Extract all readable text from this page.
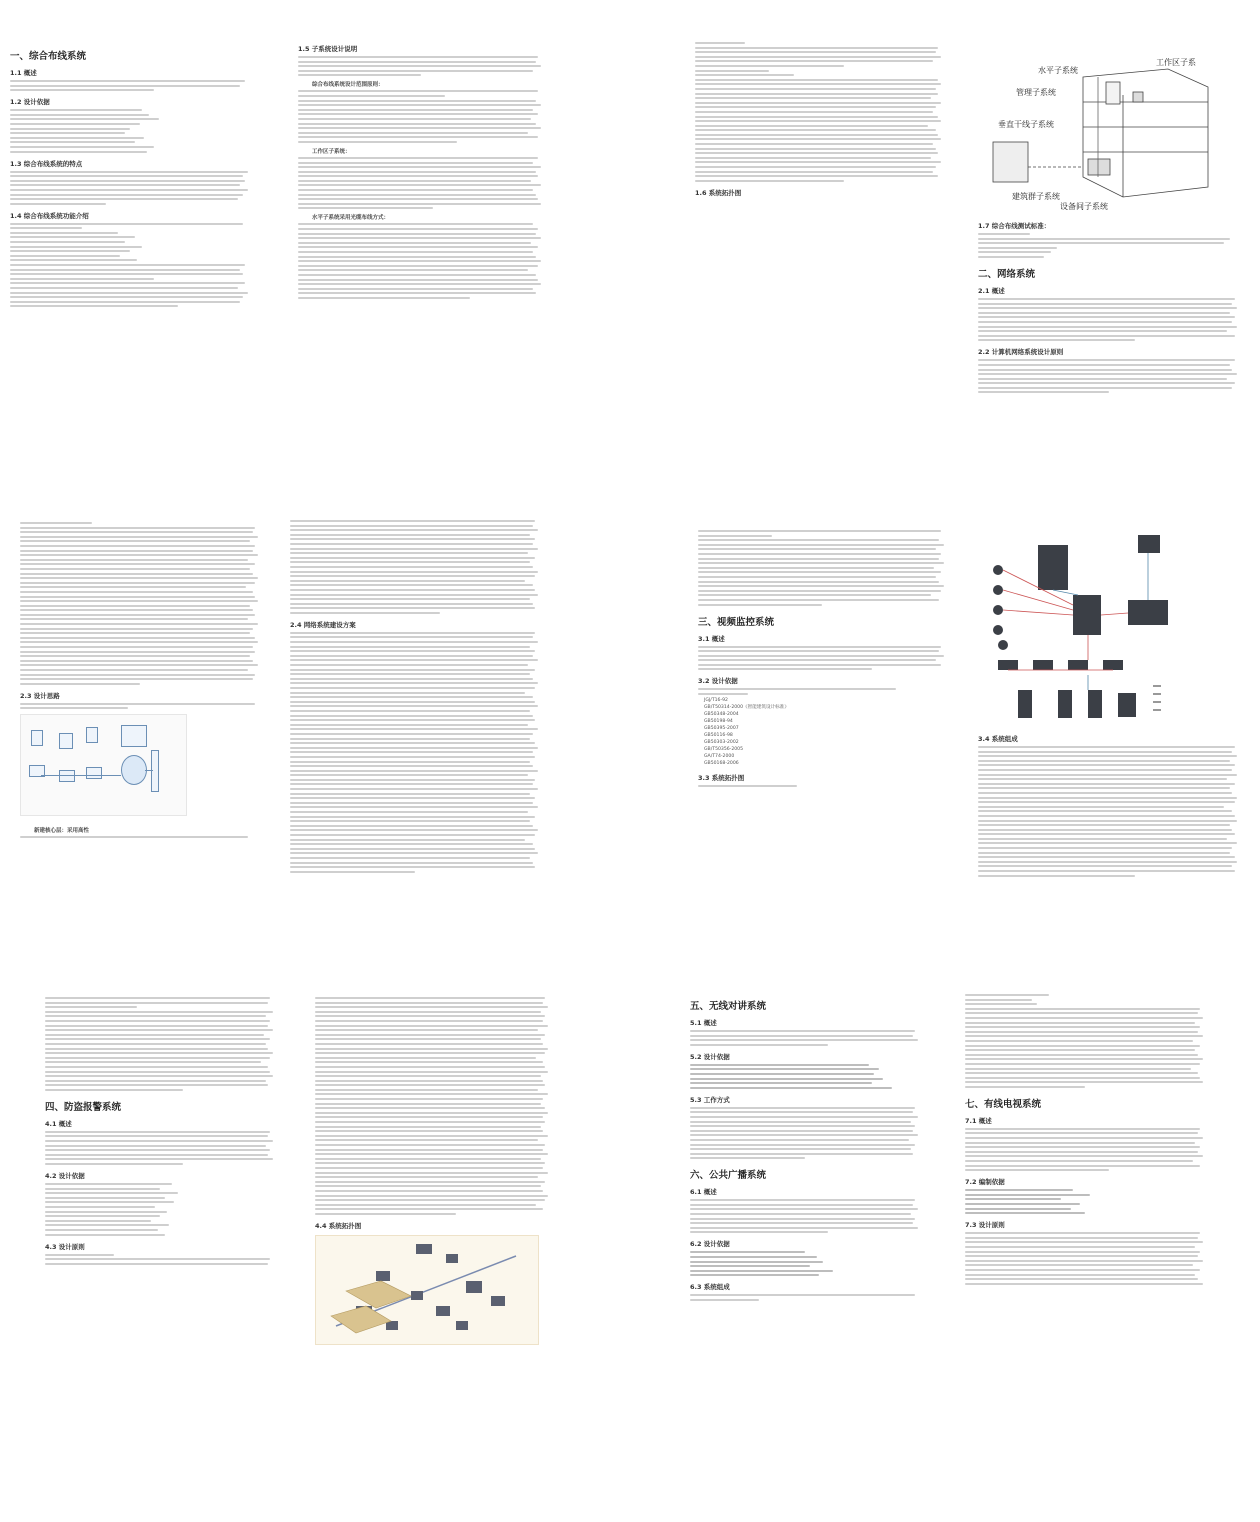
一、综合布线系统
1.1 概述
1.2 设计依据
1.3 综合布线系统的特点
1.4 综合布线系统功能介绍
1.5 子系统设计说明
综合布线系统设计范围原则：
工作区子系统：
水平子系统采用光缆布线方式：
1.6 系统拓扑图
水平子系统
工作区子系
管理子系统
垂直干线子系统
建筑群子系统
设备间子系统
1.7 综合布线测试标准：
二、网络系统
2.1 概述
2.2 计算机网络系统设计原则
2.3 设计思路
新建核心层：采用高性
2.4 网络系统建设方案	三、视频监控系统
3.1 概述
3.2 设计依据
JGJ/T16-92
GB/T50314-2000《智能建筑设计标准》
GB50348-2004
GB50198-94
GB50395-2007
GB50116-98
GB50303-2002
GB/T50356-2005
GA/T74-2000
GB50168-2006
3.3 系统拓扑图
3.4 系统组成
四、防盗报警系统
4.1 概述
4.2 设计依据
4.3 设计原则
4.4 系统拓扑图
五、无线对讲系统
5.1 概述
5.2 设计依据
5.3 工作方式
六、公共广播系统
6.1 概述
6.2 设计依据
6.3 系统组成
七、有线电视系统
7.1 概述
7.2 编制依据
7.3 设计原则
